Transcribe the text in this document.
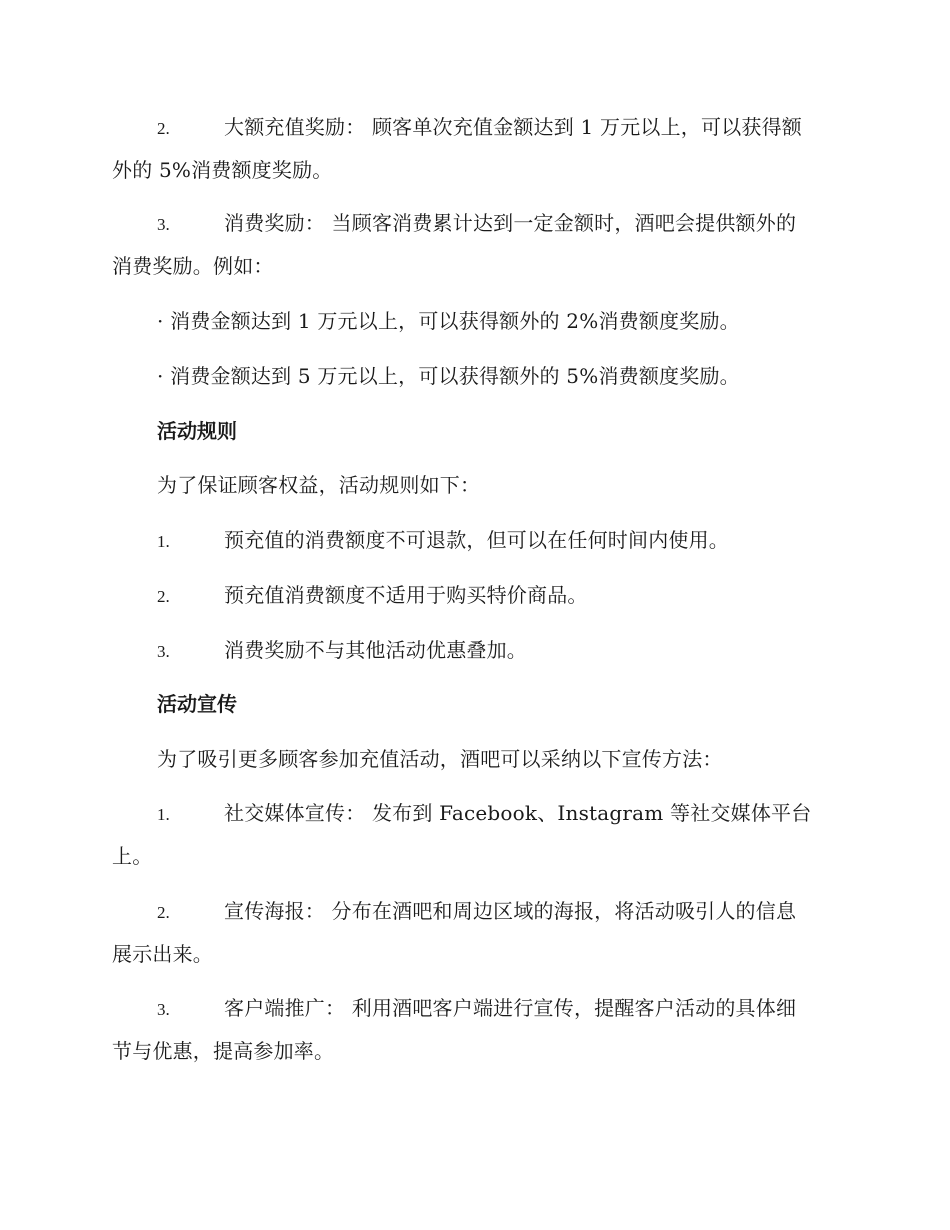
2.	大额充值奖励： 顾客单次充值金额达到 1 万元以上，可以获得额
外的 5%消费额度奖励。
3.	消费奖励： 当顾客消费累计达到一定金额时，酒吧会提供额外的
消费奖励。例如：
· 消费金额达到 1 万元以上，可以获得额外的 2%消费额度奖励。
· 消费金额达到 5 万元以上，可以获得额外的 5%消费额度奖励。
活动规则
为了保证顾客权益，活动规则如下：
1.	预充值的消费额度不可退款，但可以在任何时间内使用。
2.	预充值消费额度不适用于购买特价商品。
3.	消费奖励不与其他活动优惠叠加。
活动宣传
为了吸引更多顾客参加充值活动，酒吧可以采纳以下宣传方法：
1.	社交媒体宣传： 发布到 Facebook、Instagram 等社交媒体平台
上。
2.	宣传海报： 分布在酒吧和周边区域的海报，将活动吸引人的信息
展示出来。
3.	客户端推广： 利用酒吧客户端进行宣传，提醒客户活动的具体细
节与优惠，提高参加率。
